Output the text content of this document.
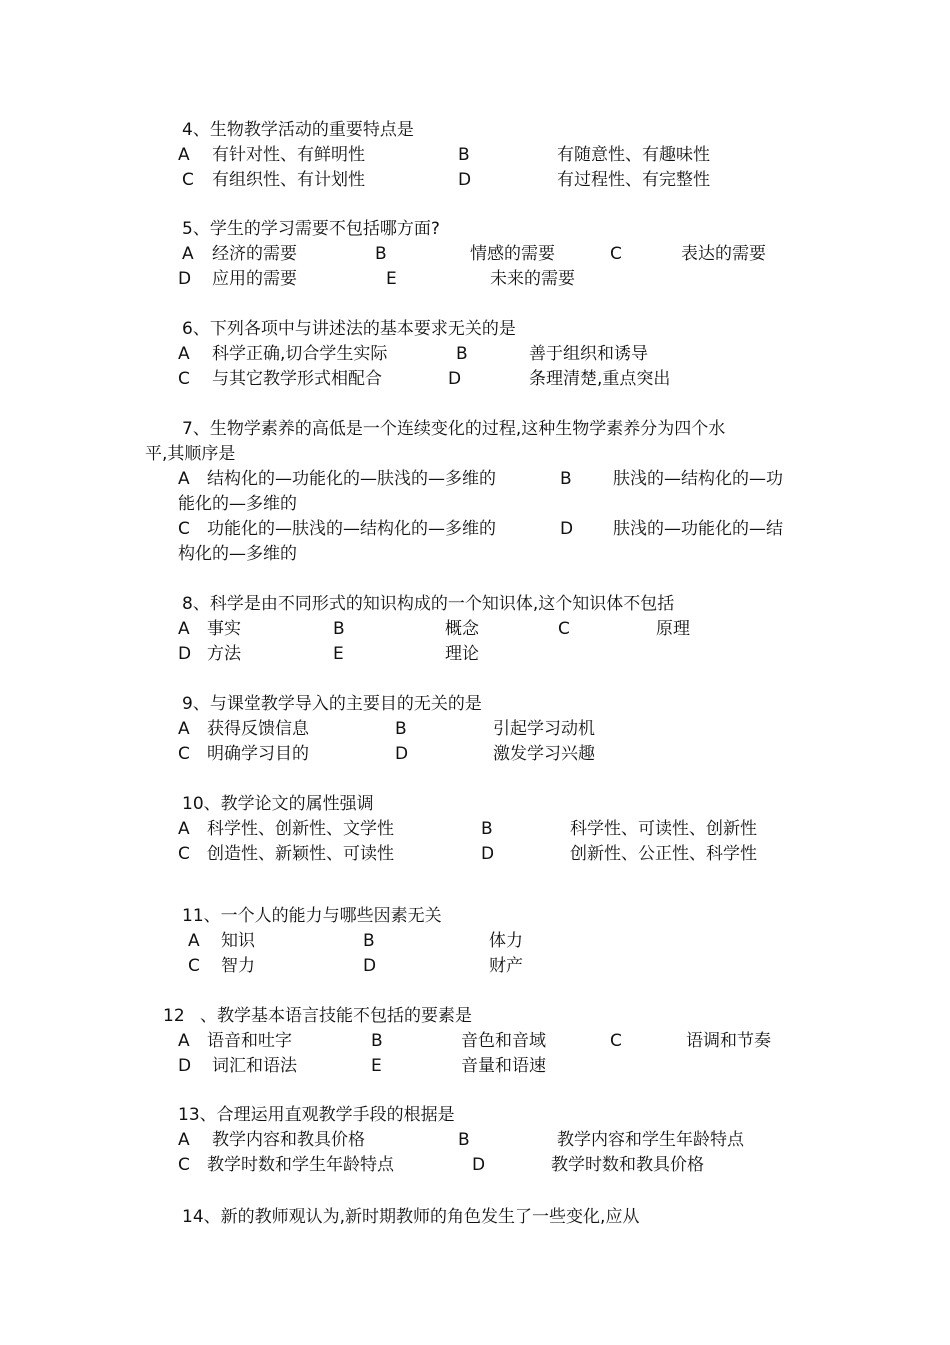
4、生物教学活动的重要特点是
A 有针对性、有鲜明性	B	有随意性、有趣味性
C 有组织性、有计划性	D	有过程性、有完整性
5、学生的学习需要不包括哪方面?
A 经济的需要	B	情感的需要	C	表达的需要
D 应用的需要	E	未来的需要
6、下列各项中与讲述法的基本要求无关的是
A 科学正确,切合学生实际	B	善于组织和诱导
C 与其它教学形式相配合	D	条理清楚,重点突出
7、生物学素养的高低是一个连续变化的过程,这种生物学素养分为四个水
平,其顺序是
A 结构化的—功能化的—肤浅的—多维的	B 肤浅的—结构化的—功
能化的—多维的
C 功能化的—肤浅的—结构化的—多维的	D 肤浅的—功能化的—结
构化的—多维的
8、科学是由不同形式的知识构成的一个知识体,这个知识体不包括
A 事实	B	概念	C	原理
D 方法	E	理论
9、与课堂教学导入的主要目的无关的是
A 获得反馈信息	B	引起学习动机
C 明确学习目的	D	激发学习兴趣
10、教学论文的属性强调
A 科学性、创新性、文学性	B	科学性、可读性、创新性
C 创造性、新颖性、可读性	D	创新性、公正性、科学性
11、一个人的能力与哪些因素无关
A 知识	B	体力
C 智力	D	财产
12 、教学基本语言技能不包括的要素是
A 语音和吐字	B	音色和音域	C	语调和节奏
D 词汇和语法	E	音量和语速
13、合理运用直观教学手段的根据是
A 教学内容和教具价格	B	教学内容和学生年龄特点
C 教学时数和学生年龄特点	D	教学时数和教具价格
14、新的教师观认为,新时期教师的角色发生了一些变化,应从
